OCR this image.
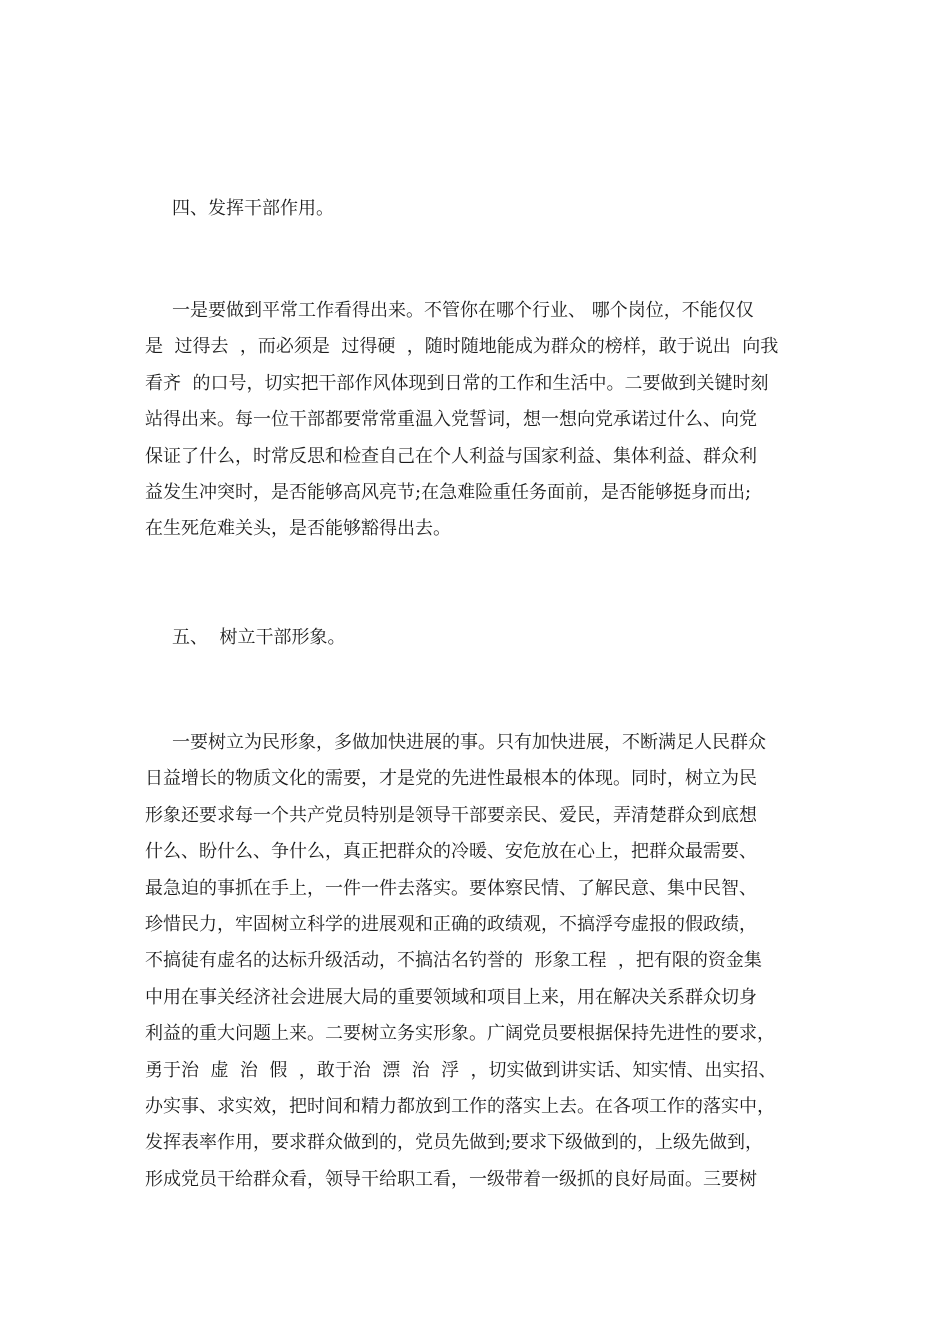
四、发挥干部作用。
一是要做到平常工作看得出来。不管你在哪个行业、 哪个岗位，不能仅仅
是  过得去  ，而必须是  过得硬  ，随时随地能成为群众的榜样，敢于说出  向我
看齐  的口号，切实把干部作风体现到日常的工作和生活中。二要做到关键时刻
站得出来。每一位干部都要常常重温入党誓词，想一想向党承诺过什么、向党
保证了什么，时常反思和检查自己在个人利益与国家利益、集体利益、群众利
益发生冲突时，是否能够高风亮节;在急难险重任务面前，是否能够挺身而出;
在生死危难关头，是否能够豁得出去。
五、  树立干部形象。
一要树立为民形象，多做加快进展的事。只有加快进展，不断满足人民群众
日益增长的物质文化的需要，才是党的先进性最根本的体现。同时，树立为民
形象还要求每一个共产党员特别是领导干部要亲民、爱民，弄清楚群众到底想
什么、盼什么、争什么，真正把群众的冷暖、安危放在心上，把群众最需要、
最急迫的事抓在手上，一件一件去落实。要体察民情、了解民意、集中民智、
珍惜民力，牢固树立科学的进展观和正确的政绩观，不搞浮夸虚报的假政绩，
不搞徒有虚名的达标升级活动，不搞沽名钓誉的  形象工程  ，把有限的资金集
中用在事关经济社会进展大局的重要领域和项目上来，用在解决关系群众切身
利益的重大问题上来。二要树立务实形象。广阔党员要根据保持先进性的要求，
勇于治  虚  治  假  ，敢于治  漂  治  浮  ，切实做到讲实话、知实情、出实招、
办实事、求实效，把时间和精力都放到工作的落实上去。在各项工作的落实中，
发挥表率作用，要求群众做到的，党员先做到;要求下级做到的，上级先做到，
形成党员干给群众看，领导干给职工看，一级带着一级抓的良好局面。三要树
